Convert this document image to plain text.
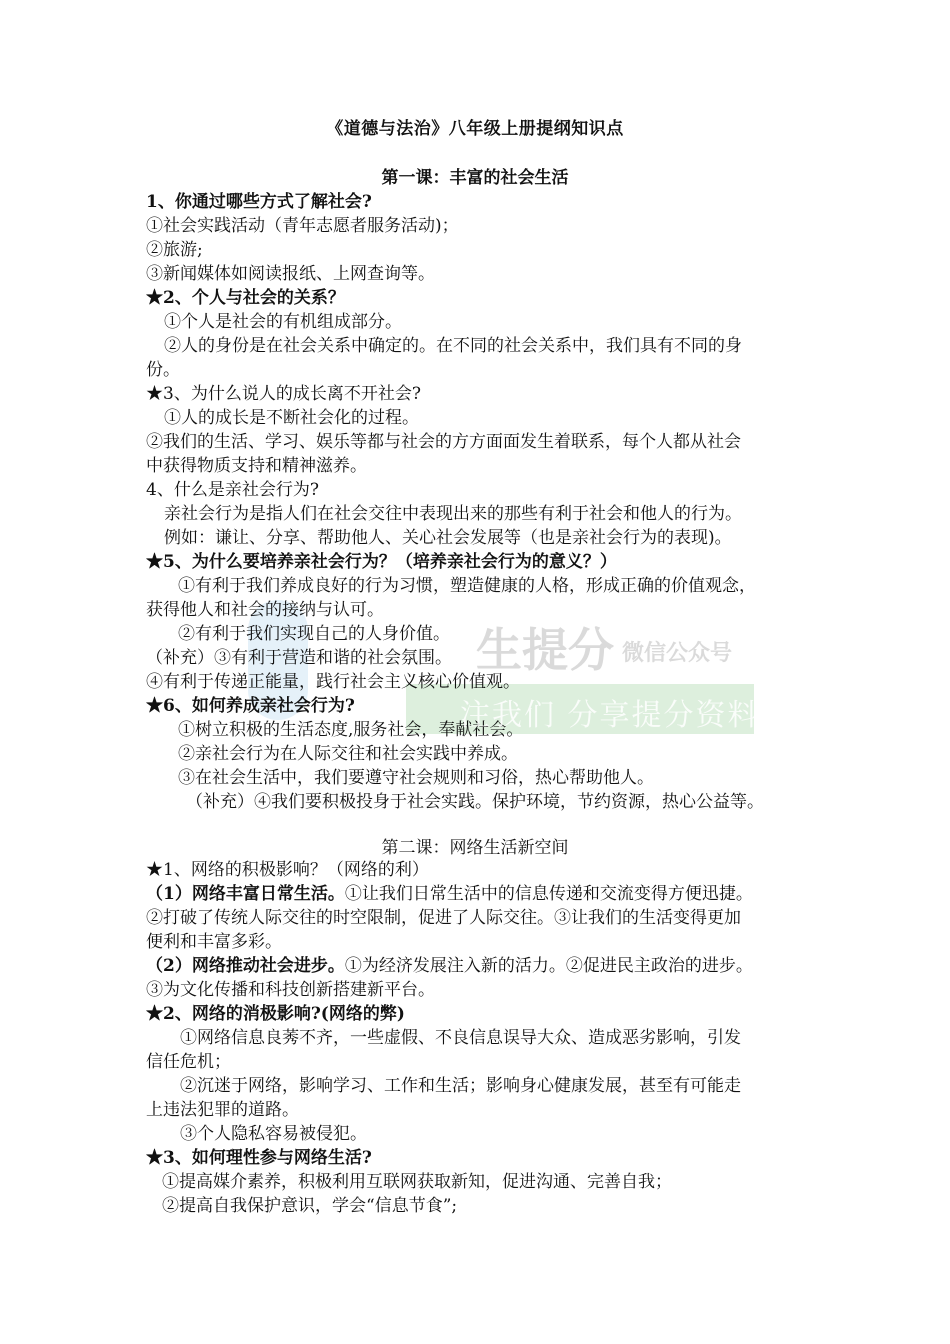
《道德与法治》八年级上册提纲知识点
第一课：丰富的社会生活
1、你通过哪些方式了解社会?
①社会实践活动（青年志愿者服务活动)；
②旅游;
③新闻媒体如阅读报纸、上网查询等。
★2、个人与社会的关系？
①个人是社会的有机组成部分。
②人的身份是在社会关系中确定的。在不同的社会关系中，我们具有不同的身
份。
★3、为什么说人的成长离不开社会?
①人的成长是不断社会化的过程。
②我们的生活、学习、娱乐等都与社会的方方面面发生着联系，每个人都从社会
中获得物质支持和精神滋养。
4、什么是亲社会行为?
亲社会行为是指人们在社会交往中表现出来的那些有利于社会和他人的行为。
例如：谦让、分享、帮助他人、关心社会发展等（也是亲社会行为的表现)。
★5、为什么要培养亲社会行为？（培养亲社会行为的意义？）
①有利于我们养成良好的行为习惯，塑造健康的人格，形成正确的价值观念，
获得他人和社会的接纳与认可。
②有利于我们实现自己的人身价值。
（补充）③有利于营造和谐的社会氛围。
④有利于传递正能量，践行社会主义核心价值观。
★6、如何养成亲社会行为?
①树立积极的生活态度,服务社会，奉献社会。
②亲社会行为在人际交往和社会实践中养成。
③在社会生活中，我们要遵守社会规则和习俗，热心帮助他人。
（补充）④我们要积极投身于社会实践。保护环境，节约资源，热心公益等。
第二课：网络生活新空间
★1、网络的积极影响？（网络的利）
（1）网络丰富日常生活。①让我们日常生活中的信息传递和交流变得方便迅捷。
②打破了传统人际交往的时空限制，促进了人际交往。③让我们的生活变得更加
便利和丰富多彩。
（2）网络推动社会进步。①为经济发展注入新的活力。②促进民主政治的进步。
③为文化传播和科技创新搭建新平台。
★2、网络的消极影响?(网络的弊)
①网络信息良莠不齐，一些虚假、不良信息误导大众、造成恶劣影响，引发
信任危机；
②沉迷于网络，影响学习、工作和生活；影响身心健康发展，甚至有可能走
上违法犯罪的道路。
③个人隐私容易被侵犯。
★3、如何理性参与网络生活?
①提高媒介素养，积极利用互联网获取新知，促进沟通、完善自我；
②提高自我保护意识，学会“信息节食”;
生提分 微信公众号
注我们 分享提分资料
